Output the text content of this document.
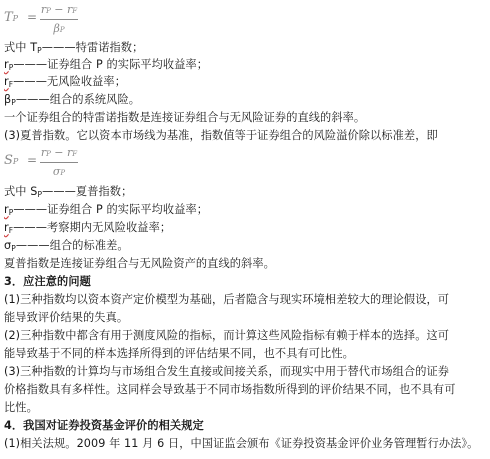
TP =
rP − rF
βP
式中 $T_P———$特雷诺指数；
$r_P———$证券组合 P 的实际平均收益率；
$r_F———$无风险收益率；
$\beta_P———$组合的系统风险。
一个证券组合的特雷诺指数是连接证券组合与无风险证券的直线的斜率。
(3)夏普指数。它以资本市场线为基准，指数值等于证券组合的风险溢价除以标准差，即
SP =
rP − rF
σP
式中 $S_P———$夏普指数；
$r_P———$证券组合 P 的实际平均收益率；
$r_F———$考察期内无风险收益率；
$\sigma_P———$组合的标准差。
夏普指数是连接证券组合与无风险资产的直线的斜率。
3．应注意的问题
(1)三种指数均以资本资产定价模型为基础，后者隐含与现实环境相差较大的理论假设，可
能导致评价结果的失真。
(2)三种指数中都含有用于测度风险的指标，而计算这些风险指标有赖于样本的选择。这可
能导致基于不同的样本选择所得到的评估结果不同，也不具有可比性。
(3)三种指数的计算均与市场组合发生直接或间接关系，而现实中用于替代市场组合的证券
价格指数具有多样性。这同样会导致基于不同市场指数所得到的评价结果不同，也不具有可
比性。
4．我国对证券投资基金评价的相关规定
(1)相关法规。2009 年 11 月 6 日，中国证监会颁布《证券投资基金评价业务管理暂行办法》。
